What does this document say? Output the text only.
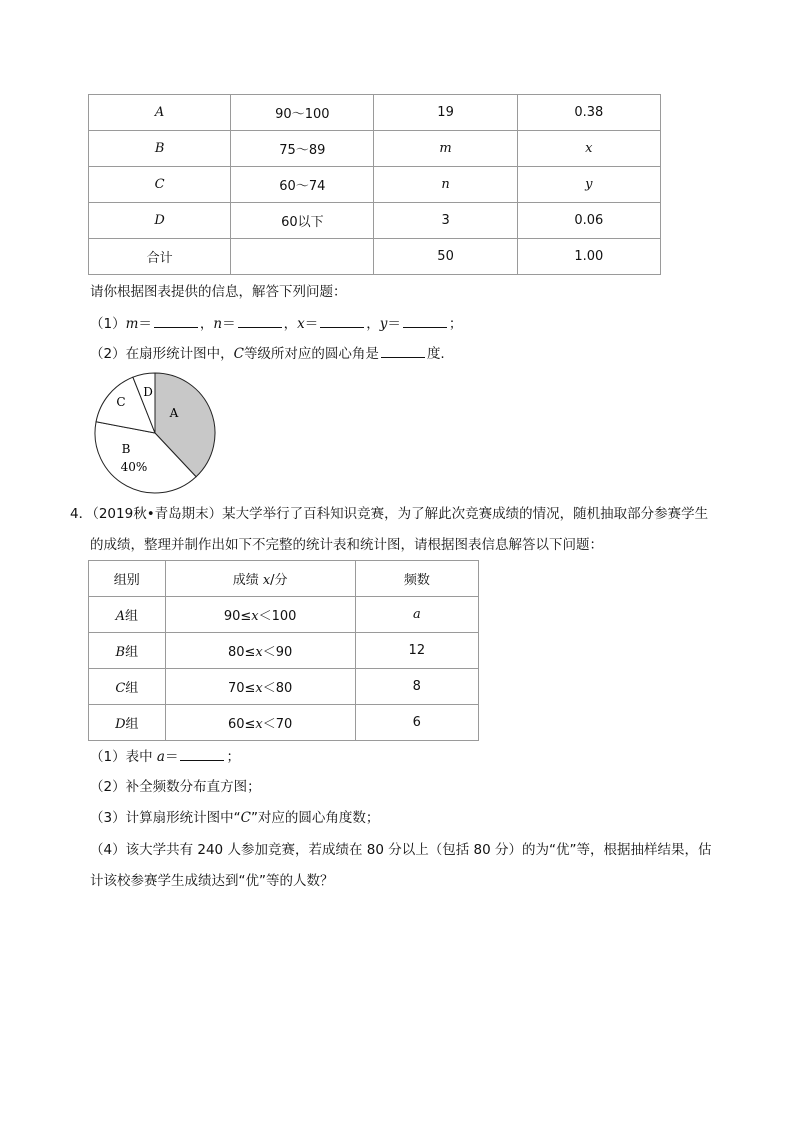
A	90～100	19	0.38
B	75～89	m	x
C	60～74	n	y
D	60以下	3	0.06
合计		50	1.00
请你根据图表提供的信息，解答下列问题：
（1）m＝	，n＝	，x＝	，y＝	；
（2）在扇形统计图中，C等级所对应的圆心角是	度.
A
B
40%
C
D
4．（2019秋•青岛期末）某大学举行了百科知识竞赛，为了解此次竞赛成绩的情况，随机抽取部分参赛学生
的成绩，整理并制作出如下不完整的统计表和统计图，请根据图表信息解答以下问题：
组别	成绩 x/分	频数
A组	90≤x＜100	a
B组	80≤x＜90	12
C组	70≤x＜80	8
D组	60≤x＜70	6
（1）表中 a＝	；
（2）补全频数分布直方图；
（3）计算扇形统计图中“C”对应的圆心角度数；
（4）该大学共有 240 人参加竞赛，若成绩在 80 分以上（包括 80 分）的为“优”等，根据抽样结果，估
计该校参赛学生成绩达到“优”等的人数？
